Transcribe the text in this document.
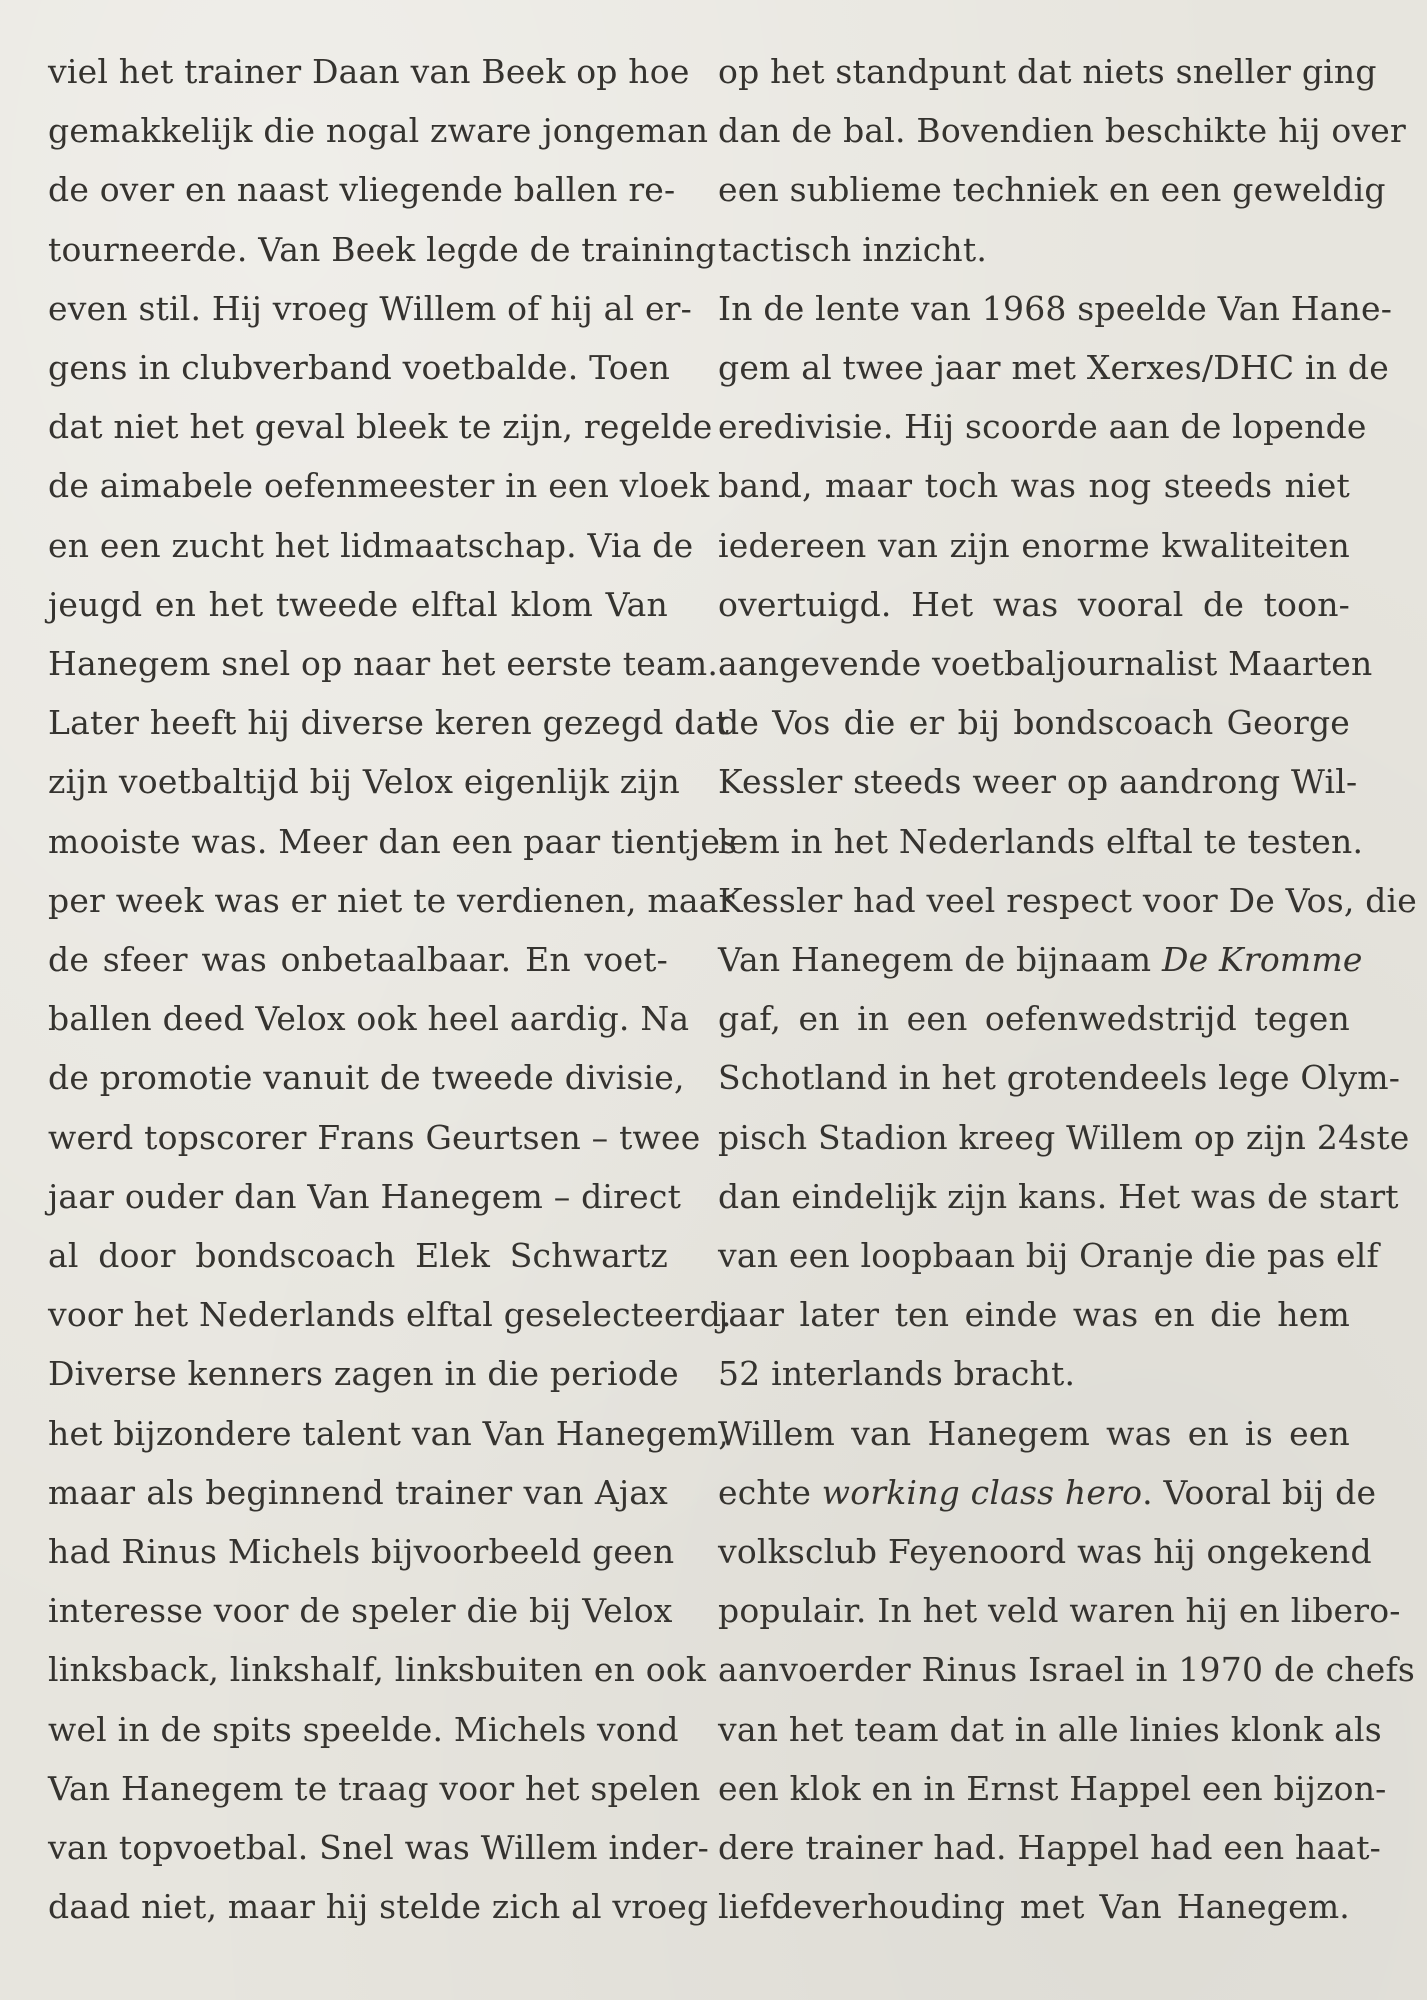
viel het trainer Daan van Beek op hoe
gemakkelijk die nogal zware jongeman
de over en naast vliegende ballen re-
tourneerde. Van Beek legde de training
even stil. Hij vroeg Willem of hij al er-
gens in clubverband voetbalde. Toen
dat niet het geval bleek te zijn, regelde
de aimabele oefenmeester in een vloek
en een zucht het lidmaatschap. Via de
jeugd en het tweede elftal klom Van
Hanegem snel op naar het eerste team.
Later heeft hij diverse keren gezegd dat
zijn voetbaltijd bij Velox eigenlijk zijn
mooiste was. Meer dan een paar tientjes
per week was er niet te verdienen, maar
de sfeer was onbetaalbaar. En voet-
ballen deed Velox ook heel aardig. Na
de promotie vanuit de tweede divisie,
werd topscorer Frans Geurtsen – twee
jaar ouder dan Van Hanegem – direct
al door bondscoach Elek Schwartz
voor het Nederlands elftal geselecteerd.
Diverse kenners zagen in die periode
het bijzondere talent van Van Hanegem,
maar als beginnend trainer van Ajax
had Rinus Michels bijvoorbeeld geen
interesse voor de speler die bij Velox
linksback, linkshalf, linksbuiten en ook
wel in de spits speelde. Michels vond
Van Hanegem te traag voor het spelen
van topvoetbal. Snel was Willem inder-
daad niet, maar hij stelde zich al vroeg
op het standpunt dat niets sneller ging
dan de bal. Bovendien beschikte hij over
een sublieme techniek en een geweldig
tactisch inzicht.
In de lente van 1968 speelde Van Hane-
gem al twee jaar met Xerxes/DHC in de
eredivisie. Hij scoorde aan de lopende
band, maar toch was nog steeds niet
iedereen van zijn enorme kwaliteiten
overtuigd. Het was vooral de toon-
aangevende voetbaljournalist Maarten
de Vos die er bij bondscoach George
Kessler steeds weer op aandrong Wil-
lem in het Nederlands elftal te testen.
Kessler had veel respect voor De Vos, die
Van Hanegem de bijnaam De Kromme
gaf, en in een oefenwedstrijd tegen
Schotland in het grotendeels lege Olym-
pisch Stadion kreeg Willem op zijn 24ste
dan eindelijk zijn kans. Het was de start
van een loopbaan bij Oranje die pas elf
jaar later ten einde was en die hem
52 interlands bracht.
Willem van Hanegem was en is een
echte working class hero. Vooral bij de
volksclub Feyenoord was hij ongekend
populair. In het veld waren hij en libero-
aanvoerder Rinus Israel in 1970 de chefs
van het team dat in alle linies klonk als
een klok en in Ernst Happel een bijzon-
dere trainer had. Happel had een haat-
liefdeverhouding met Van Hanegem.
